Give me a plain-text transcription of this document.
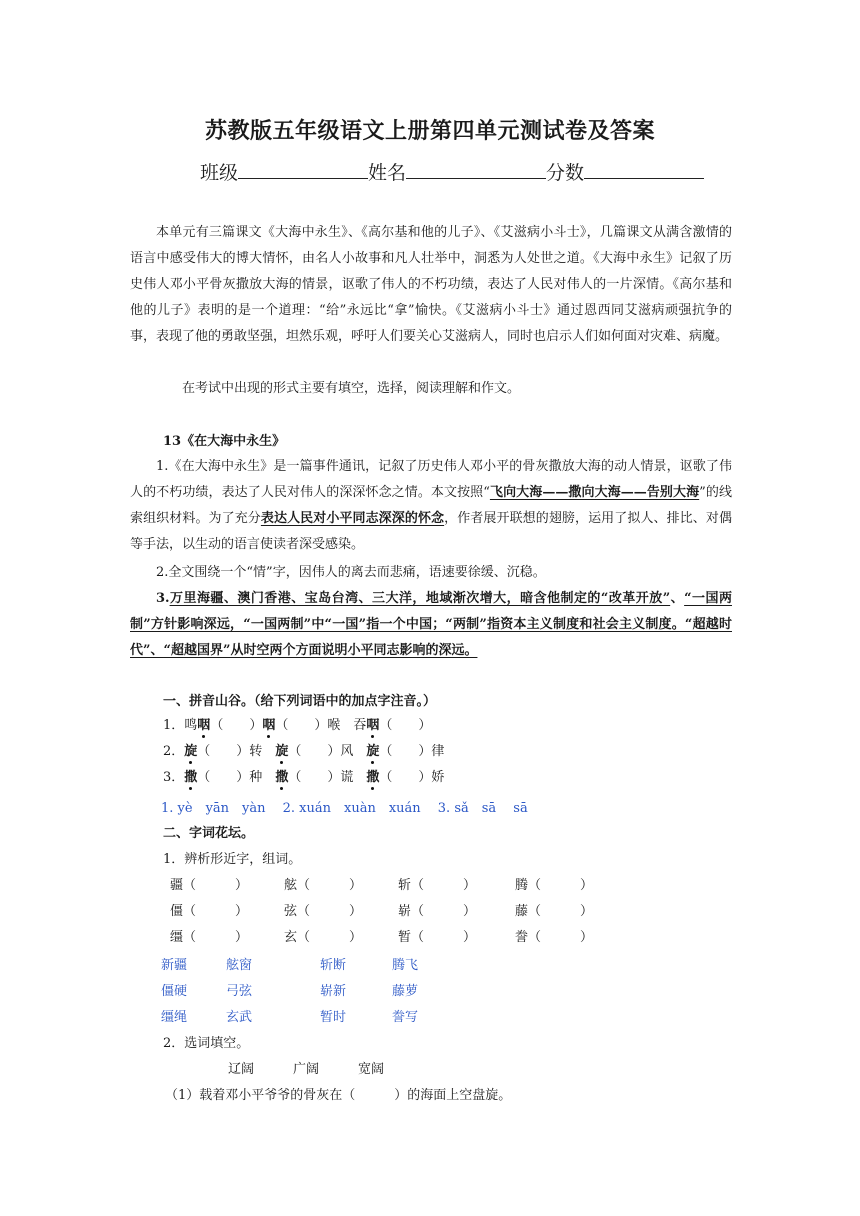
苏教版五年级语文上册第四单元测试卷及答案
班级	姓名	分数
本单元有三篇课文《大海中永生》、《高尔基和他的儿子》、《艾滋病小斗士》，几篇课文从满含激情的语言中感受伟大的博大情怀，由名人小故事和凡人壮举中，洞悉为人处世之道。《大海中永生》记叙了历史伟人邓小平骨灰撒放大海的情景，讴歌了伟人的不朽功绩，表达了人民对伟人的一片深情。《高尔基和他的儿子》表明的是一个道理：“给”永远比“拿”愉快。《艾滋病小斗士》通过恩西同艾滋病顽强抗争的事，表现了他的勇敢坚强，坦然乐观，呼吁人们要关心艾滋病人，同时也启示人们如何面对灾难、病魔。
在考试中出现的形式主要有填空，选择，阅读理解和作文。
13《在大海中永生》
1.《在大海中永生》是一篇事件通讯，记叙了历史伟人邓小平的骨灰撒放大海的动人情景，讴歌了伟人的不朽功绩，表达了人民对伟人的深深怀念之情。本文按照“飞向大海——撒向大海——告别大海”的线索组织材料。为了充分表达人民对小平同志深深的怀念，作者展开联想的翅膀，运用了拟人、排比、对偶等手法，以生动的语言使读者深受感染。
2.全文围绕一个“情”字，因伟人的离去而悲痛，语速要徐缓、沉稳。
3.万里海疆、澳门香港、宝岛台湾、三大洋，地域渐次增大，暗含他制定的“改革开放”、“一国两制”方针影响深远，“一国两制”中“一国”指一个中国；“两制”指资本主义制度和社会主义制度。“超越时代”、“超越国界”从时空两个方面说明小平同志影响的深远。
一、拼音山谷。（给下列词语中的加点字注音。）
1．鸣咽（　　）咽（　　）喉　吞咽（　　）
2．旋（　　）转　旋（　　）风　旋（　　）律
3．撒（　　）种　撒（　　）谎　撒（　　）娇
1. yè　yān　yàn　 2. xuán　xuàn　xuán　 3. sǎ　sā　 sā
二、字词花坛。
1．辨析形近字，组词。
疆（　　　）	舷（　　　）	斩（　　　）	腾（　　　）
僵（　　　）	弦（　　　）	崭（　　　）	藤（　　　）
缰（　　　）	玄（　　　）	暂（　　　）	誊（　　　）
新疆	舷窗	斩断	腾飞
僵硬	弓弦	崭新	藤萝
缰绳	玄武	暂时	誊写
2．选词填空。
辽阔　　　广阔　　　宽阔
（1）载着邓小平爷爷的骨灰在（　　　）的海面上空盘旋。
